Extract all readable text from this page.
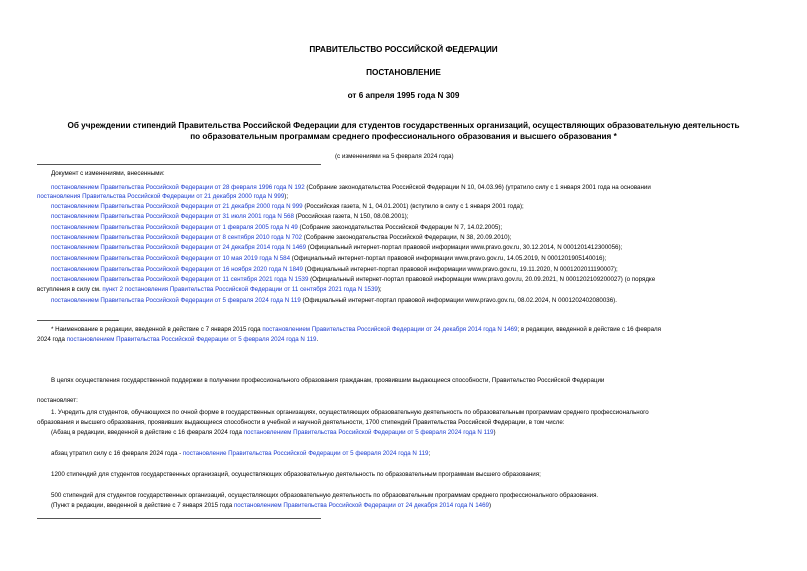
ПРАВИТЕЛЬСТВО РОССИЙСКОЙ ФЕДЕРАЦИИ
ПОСТАНОВЛЕНИЕ
от 6 апреля 1995 года N 309
Об учреждении стипендий Правительства Российской Федерации для студентов государственных организаций, осуществляющих образовательную деятельность
по образовательным программам среднего профессионального образования и высшего образования *
(с изменениями на 5 февраля 2024 года)
Документ с изменениями, внесенными:
постановлением Правительства Российской Федерации от 28 февраля 1996 года N 192 (Собрание законодательства Российской Федерации N 10, 04.03.96) (утратило силу с 1 января 2001 года на основании
постановления Правительства Российской Федерации от 21 декабря 2000 года N 999);
постановлением Правительства Российской Федерации от 21 декабря 2000 года N 999 (Российская газета, N 1, 04.01.2001) (вступило в силу с 1 января 2001 года);
постановлением Правительства Российской Федерации от 31 июля 2001 года N 568 (Российская газета, N 150, 08.08.2001);
постановлением Правительства Российской Федерации от 1 февраля 2005 года N 49 (Собрание законодательства Российской Федерации N 7, 14.02.2005);
постановлением Правительства Российской Федерации от 8 сентября 2010 года N 702 (Собрание законодательства Российской Федерации, N 38, 20.09.2010);
постановлением Правительства Российской Федерации от 24 декабря 2014 года N 1469 (Официальный интернет-портал правовой информации www.pravo.gov.ru, 30.12.2014, N 0001201412300056);
постановлением Правительства Российской Федерации от 10 мая 2019 года N 584 (Официальный интернет-портал правовой информации www.pravo.gov.ru, 14.05.2019, N 0001201905140016);
постановлением Правительства Российской Федерации от 16 ноября 2020 года N 1849 (Официальный интернет-портал правовой информации www.pravo.gov.ru, 19.11.2020, N 0001202011190007);
постановлением Правительства Российской Федерации от 11 сентября 2021 года N 1539 (Официальный интернет-портал правовой информации www.pravo.gov.ru, 20.09.2021, N 0001202109200027) (о порядке
вступления в силу см. пункт 2 постановления Правительства Российской Федерации от 11 сентября 2021 года N 1539);
постановлением Правительства Российской Федерации от 5 февраля 2024 года N 119 (Официальный интернет-портал правовой информации www.pravo.gov.ru, 08.02.2024, N 0001202402080036).
* Наименование в редакции, введенной в действие с 7 января 2015 года постановлением Правительства Российской Федерации от 24 декабря 2014 года N 1469; в редакции, введенной в действие с 16 февраля
2024 года постановлением Правительства Российской Федерации от 5 февраля 2024 года N 119.
В целях осуществления государственной поддержки в получении профессионального образования гражданам, проявившим выдающиеся способности, Правительство Российской Федерации
постановляет:
1. Учредить для студентов, обучающихся по очной форме в государственных организациях, осуществляющих образовательную деятельность по образовательным программам среднего профессионального
образования и высшего образования, проявивших выдающиеся способности в учебной и научной деятельности, 1700 стипендий Правительства Российской Федерации, в том числе:
(Абзац в редакции, введенной в действие с 16 февраля 2024 года постановлением Правительства Российской Федерации от 5 февраля 2024 года N 119)
абзац утратил силу с 16 февраля 2024 года - постановление Правительства Российской Федерации от 5 февраля 2024 года N 119;
1200 стипендий для студентов государственных организаций, осуществляющих образовательную деятельность по образовательным программам высшего образования;
500 стипендий для студентов государственных организаций, осуществляющих образовательную деятельность по образовательным программам среднего профессионального образования.
(Пункт в редакции, введенной в действие с 7 января 2015 года постановлением Правительства Российской Федерации от 24 декабря 2014 года N 1469)
